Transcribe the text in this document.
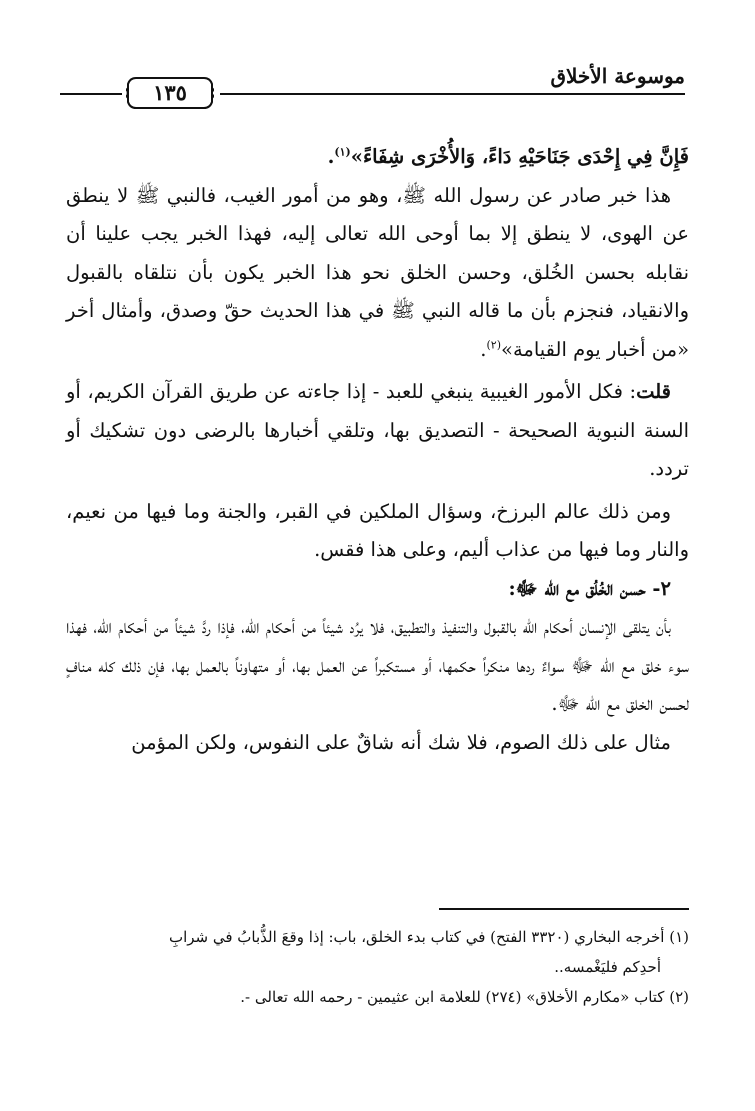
موسوعة الأخلاق
١٣٥

فَإِنَّ فِي إِحْدَى جَنَاحَيْهِ دَاءً، وَالأُخْرَى شِفَاءً»$^{(١)}$.

هذا خبر صادر عن رسول الله ﷺ، وهو من أمور الغيب، فالنبي ﷺ لا ينطق عن الهوى، لا ينطق إلا بما أوحى الله تعالى إليه، فهذا الخبر يجب علينا أن نقابله بحسن الخُلق، وحسن الخلق نحو هذا الخبر يكون بأن نتلقاه بالقبول والانقياد، فنجزم بأن ما قاله النبي ﷺ في هذا الحديث حقّ وصدق، وأمثال أخر «من أخبار يوم القيامة»$^{(٢)}$.

قلت: فكل الأمور الغيبية ينبغي للعبد - إذا جاءته عن طريق القرآن الكريم، أو السنة النبوية الصحيحة - التصديق بها، وتلقي أخبارها بالرضى دون تشكيك أو تردد.

ومن ذلك عالم البرزخ، وسؤال الملكين في القبر، والجنة وما فيها من نعيم، والنار وما فيها من عذاب أليم، وعلى هذا فقس.

٢- حسن الخُلُق مع الله ﷻ:

بأن يتلقى الإنسان أحكام الله بالقبول والتنفيذ والتطبيق، فلا يرُد شيئاً من أحكام الله، فإذا ردَّ شيئاً من أحكام الله، فهذا سوء خلق مع الله ﷻ سواءٌ ردها منكراً حكمها، أو مستكبراً عن العمل بها، أو متهاوناً بالعمل بها، فإن ذلك كله منافٍ لحسن الخلق مع الله ﷻ.

مثال على ذلك الصوم، فلا شك أنه شاقٌ على النفوس، ولكن المؤمن

(١) أخرجه البخاري (٣٣٢٠ الفتح) في كتاب بدء الخلق، باب: إذا وقعَ الذُّبابُ في شرابِ

أحدِكم فليَغْمسه..

(٢) كتاب «مكارم الأخلاق» (٢٧٤) للعلامة ابن عثيمين - رحمه الله تعالى -.
